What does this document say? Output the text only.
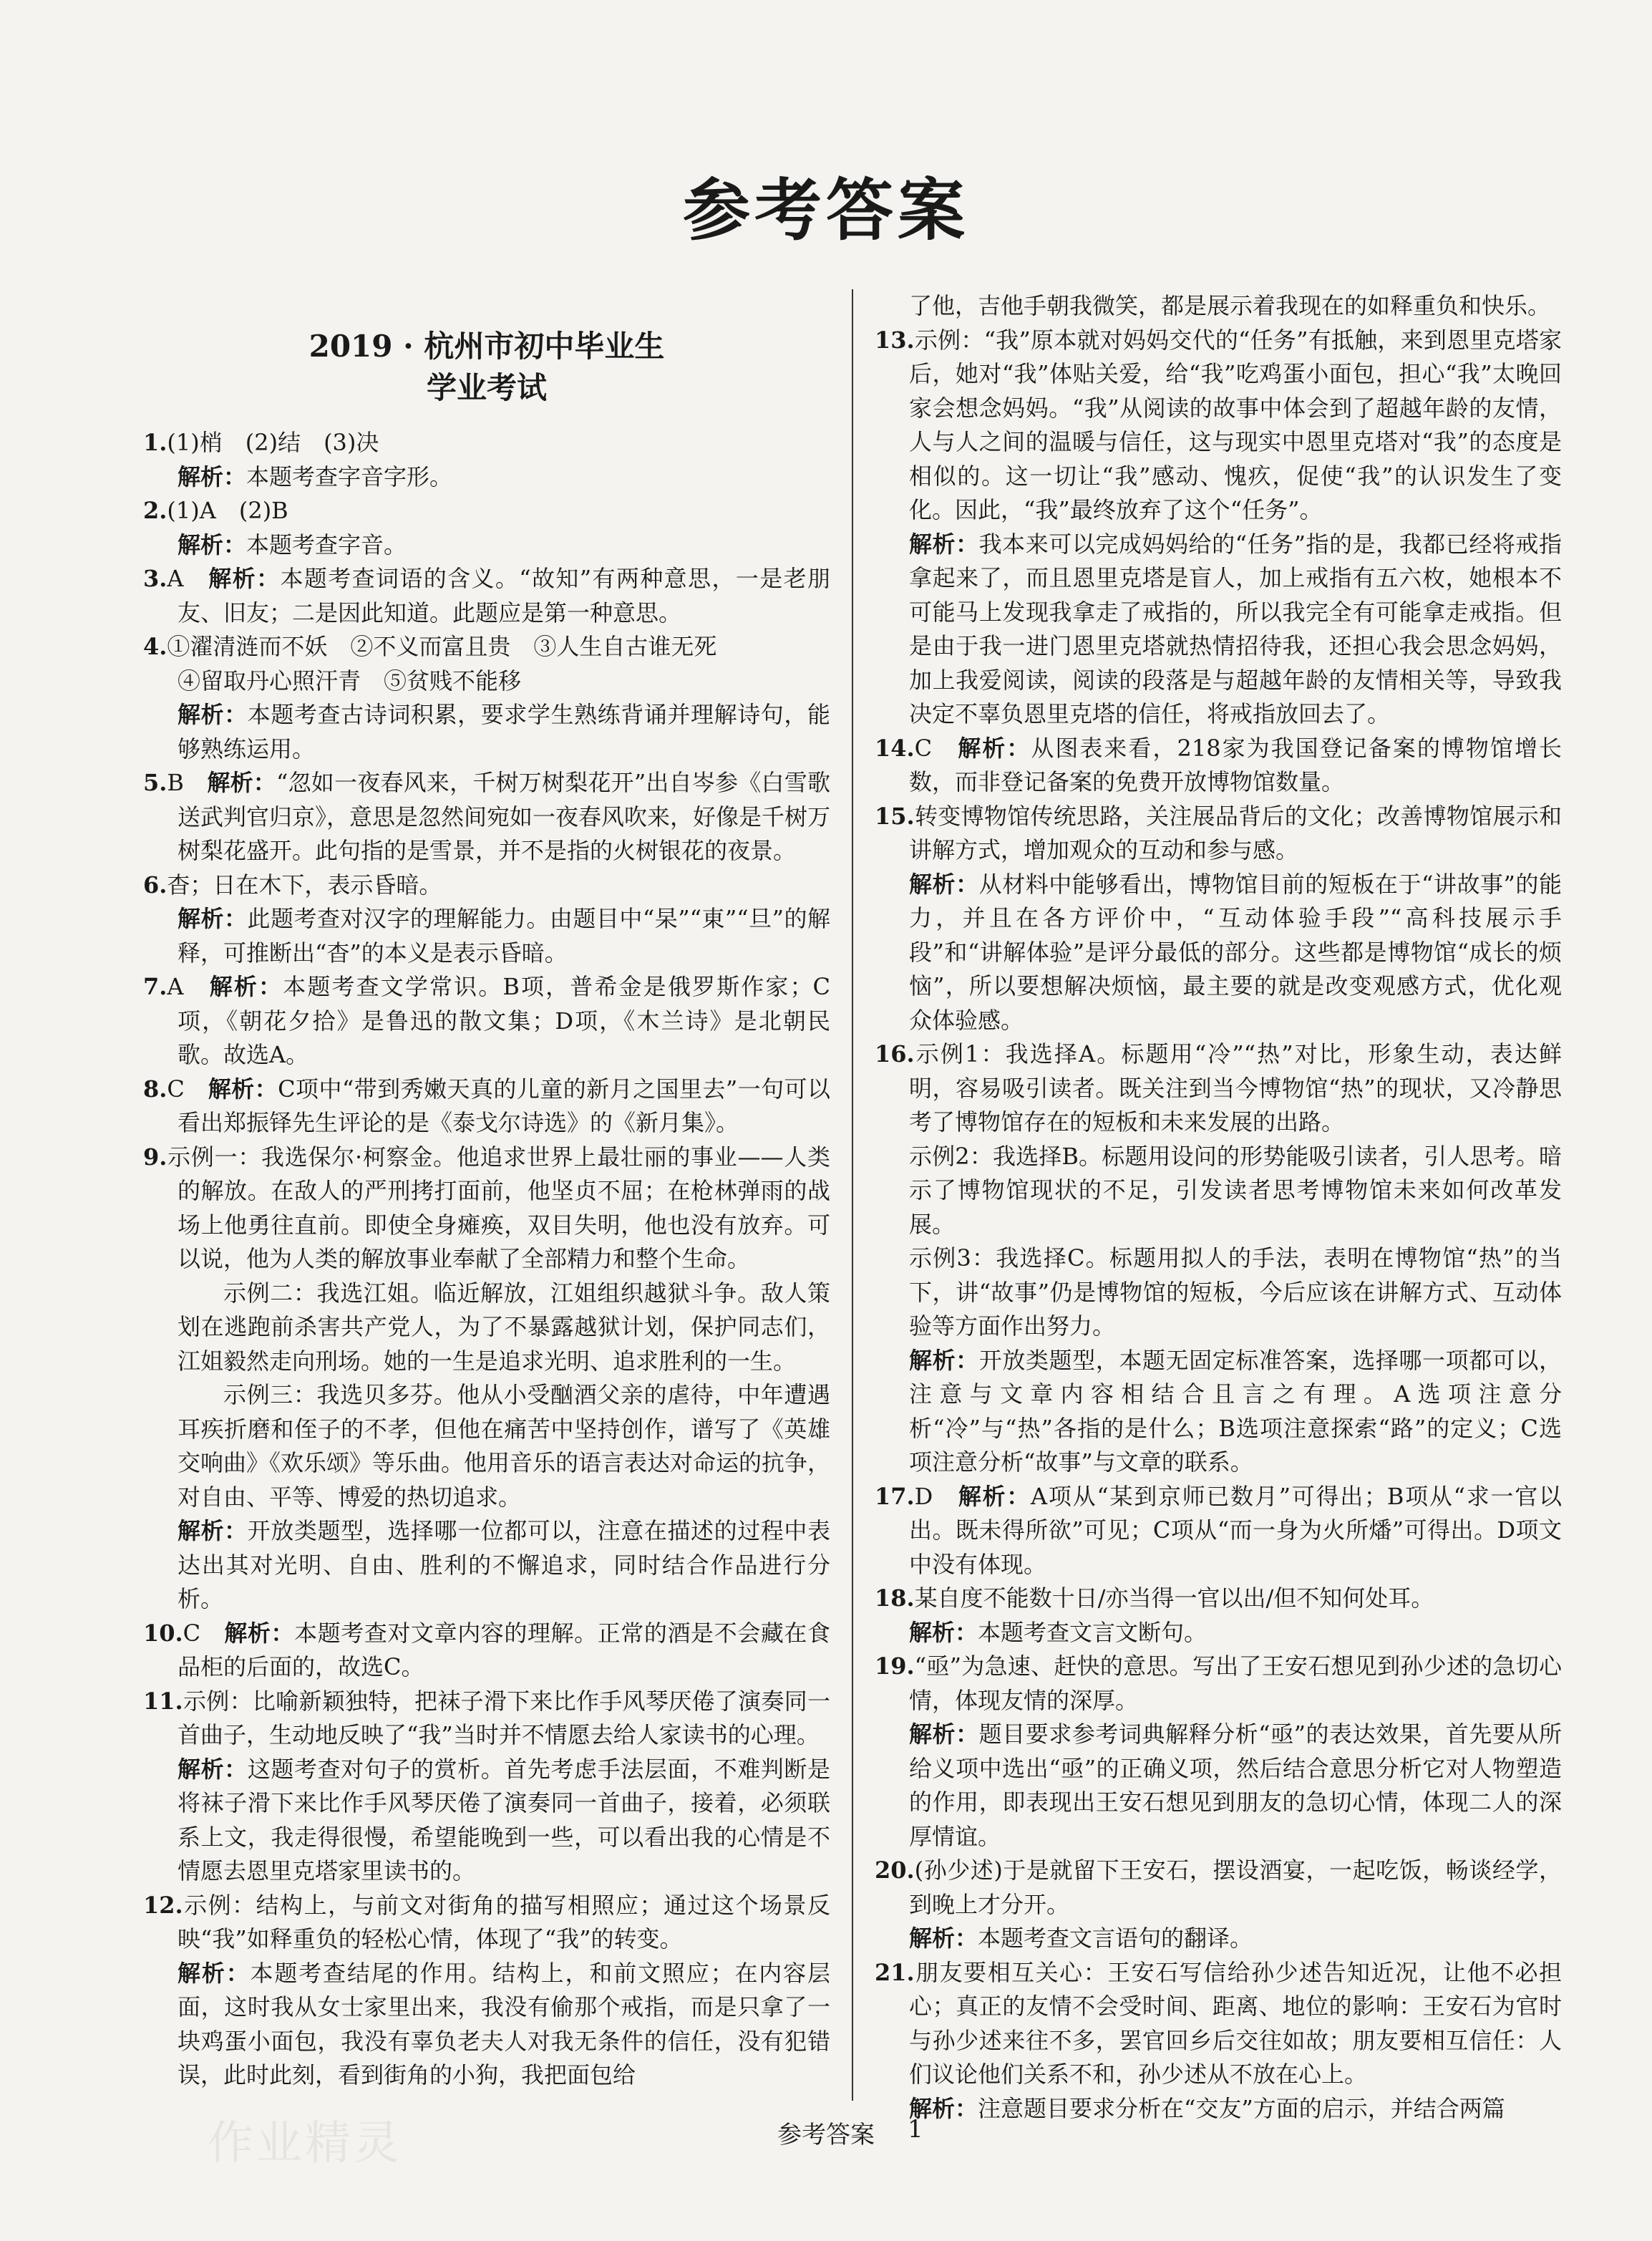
参考答案
2019 · 杭州市初中毕业生
学业考试
1.(1)梢　(2)结　(3)决
解析：本题考查字音字形。
2.(1)A　(2)B
解析：本题考查字音。
3.A　解析：本题考查词语的含义。“故知”有两种意思，一是老朋友、旧友；二是因此知道。此题应是第一种意思。
4.①濯清涟而不妖　②不义而富且贵　③人生自古谁无死
④留取丹心照汗青　⑤贫贱不能移
解析：本题考查古诗词积累，要求学生熟练背诵并理解诗句，能够熟练运用。
5.B　解析：“忽如一夜春风来，千树万树梨花开”出自岑参《白雪歌送武判官归京》，意思是忽然间宛如一夜春风吹来，好像是千树万树梨花盛开。此句指的是雪景，并不是指的火树银花的夜景。
6.杳；日在木下，表示昏暗。
解析：此题考查对汉字的理解能力。由题目中“杲”“東”“旦”的解释，可推断出“杳”的本义是表示昏暗。
7.A　解析：本题考查文学常识。B项，普希金是俄罗斯作家；C项，《朝花夕拾》是鲁迅的散文集；D项，《木兰诗》是北朝民歌。故选A。
8.C　解析：C项中“带到秀嫩天真的儿童的新月之国里去”一句可以看出郑振铎先生评论的是《泰戈尔诗选》的《新月集》。
9.示例一：我选保尔·柯察金。他追求世界上最壮丽的事业——人类的解放。在敌人的严刑拷打面前，他坚贞不屈；在枪林弹雨的战场上他勇往直前。即使全身瘫痪，双目失明，他也没有放弃。可以说，他为人类的解放事业奉献了全部精力和整个生命。
示例二：我选江姐。临近解放，江姐组织越狱斗争。敌人策划在逃跑前杀害共产党人，为了不暴露越狱计划，保护同志们，江姐毅然走向刑场。她的一生是追求光明、追求胜利的一生。
示例三：我选贝多芬。他从小受酗酒父亲的虐待，中年遭遇耳疾折磨和侄子的不孝，但他在痛苦中坚持创作，谱写了《英雄交响曲》《欢乐颂》等乐曲。他用音乐的语言表达对命运的抗争，对自由、平等、博爱的热切追求。
解析：开放类题型，选择哪一位都可以，注意在描述的过程中表达出其对光明、自由、胜利的不懈追求，同时结合作品进行分析。
10.C　解析：本题考查对文章内容的理解。正常的酒是不会藏在食品柜的后面的，故选C。
11.示例：比喻新颖独特，把袜子滑下来比作手风琴厌倦了演奏同一首曲子，生动地反映了“我”当时并不情愿去给人家读书的心理。
解析：这题考查对句子的赏析。首先考虑手法层面，不难判断是将袜子滑下来比作手风琴厌倦了演奏同一首曲子，接着，必须联系上文，我走得很慢，希望能晚到一些，可以看出我的心情是不情愿去恩里克塔家里读书的。
12.示例：结构上，与前文对街角的描写相照应；通过这个场景反映“我”如释重负的轻松心情，体现了“我”的转变。
解析：本题考查结尾的作用。结构上，和前文照应；在内容层面，这时我从女士家里出来，我没有偷那个戒指，而是只拿了一块鸡蛋小面包，我没有辜负老夫人对我无条件的信任，没有犯错误，此时此刻，看到街角的小狗，我把面包给
了他，吉他手朝我微笑，都是展示着我现在的如释重负和快乐。
13.示例：“我”原本就对妈妈交代的“任务”有抵触，来到恩里克塔家后，她对“我”体贴关爱，给“我”吃鸡蛋小面包，担心“我”太晚回家会想念妈妈。“我”从阅读的故事中体会到了超越年龄的友情，人与人之间的温暖与信任，这与现实中恩里克塔对“我”的态度是相似的。这一切让“我”感动、愧疚，促使“我”的认识发生了变化。因此，“我”最终放弃了这个“任务”。
解析：我本来可以完成妈妈给的“任务”指的是，我都已经将戒指拿起来了，而且恩里克塔是盲人，加上戒指有五六枚，她根本不可能马上发现我拿走了戒指的，所以我完全有可能拿走戒指。但是由于我一进门恩里克塔就热情招待我，还担心我会思念妈妈，加上我爱阅读，阅读的段落是与超越年龄的友情相关等，导致我决定不辜负恩里克塔的信任，将戒指放回去了。
14.C　解析：从图表来看，218家为我国登记备案的博物馆增长数，而非登记备案的免费开放博物馆数量。
15.转变博物馆传统思路，关注展品背后的文化；改善博物馆展示和讲解方式，增加观众的互动和参与感。
解析：从材料中能够看出，博物馆目前的短板在于“讲故事”的能力，并且在各方评价中，“互动体验手段”“高科技展示手段”和“讲解体验”是评分最低的部分。这些都是博物馆“成长的烦恼”，所以要想解决烦恼，最主要的就是改变观感方式，优化观众体验感。
16.示例1：我选择A。标题用“冷”“热”对比，形象生动，表达鲜明，容易吸引读者。既关注到当今博物馆“热”的现状，又冷静思考了博物馆存在的短板和未来发展的出路。
示例2：我选择B。标题用设问的形势能吸引读者，引人思考。暗示了博物馆现状的不足，引发读者思考博物馆未来如何改革发展。
示例3：我选择C。标题用拟人的手法，表明在博物馆“热”的当下，讲“故事”仍是博物馆的短板，今后应该在讲解方式、互动体验等方面作出努力。
解析：开放类题型，本题无固定标准答案，选择哪一项都可以，注意与文章内容相结合且言之有理。A选项注意分析“冷”与“热”各指的是什么；B选项注意探索“路”的定义；C选项注意分析“故事”与文章的联系。
17.D　解析：A项从“某到京师已数月”可得出；B项从“求一官以出。既未得所欲”可见；C项从“而一身为火所燔”可得出。D项文中没有体现。
18.某自度不能数十日/亦当得一官以出/但不知何处耳。
解析：本题考查文言文断句。
19.“亟”为急速、赶快的意思。写出了王安石想见到孙少述的急切心情，体现友情的深厚。
解析：题目要求参考词典解释分析“亟”的表达效果，首先要从所给义项中选出“亟”的正确义项，然后结合意思分析它对人物塑造的作用，即表现出王安石想见到朋友的急切心情，体现二人的深厚情谊。
20.(孙少述)于是就留下王安石，摆设酒宴，一起吃饭，畅谈经学，到晚上才分开。
解析：本题考查文言语句的翻译。
21.朋友要相互关心：王安石写信给孙少述告知近况，让他不必担心；真正的友情不会受时间、距离、地位的影响：王安石为官时与孙少述来往不多，罢官回乡后交往如故；朋友要相互信任：人们议论他们关系不和，孙少述从不放在心上。
解析：注意题目要求分析在“交友”方面的启示，并结合两篇
作业精灵	参考答案 1
